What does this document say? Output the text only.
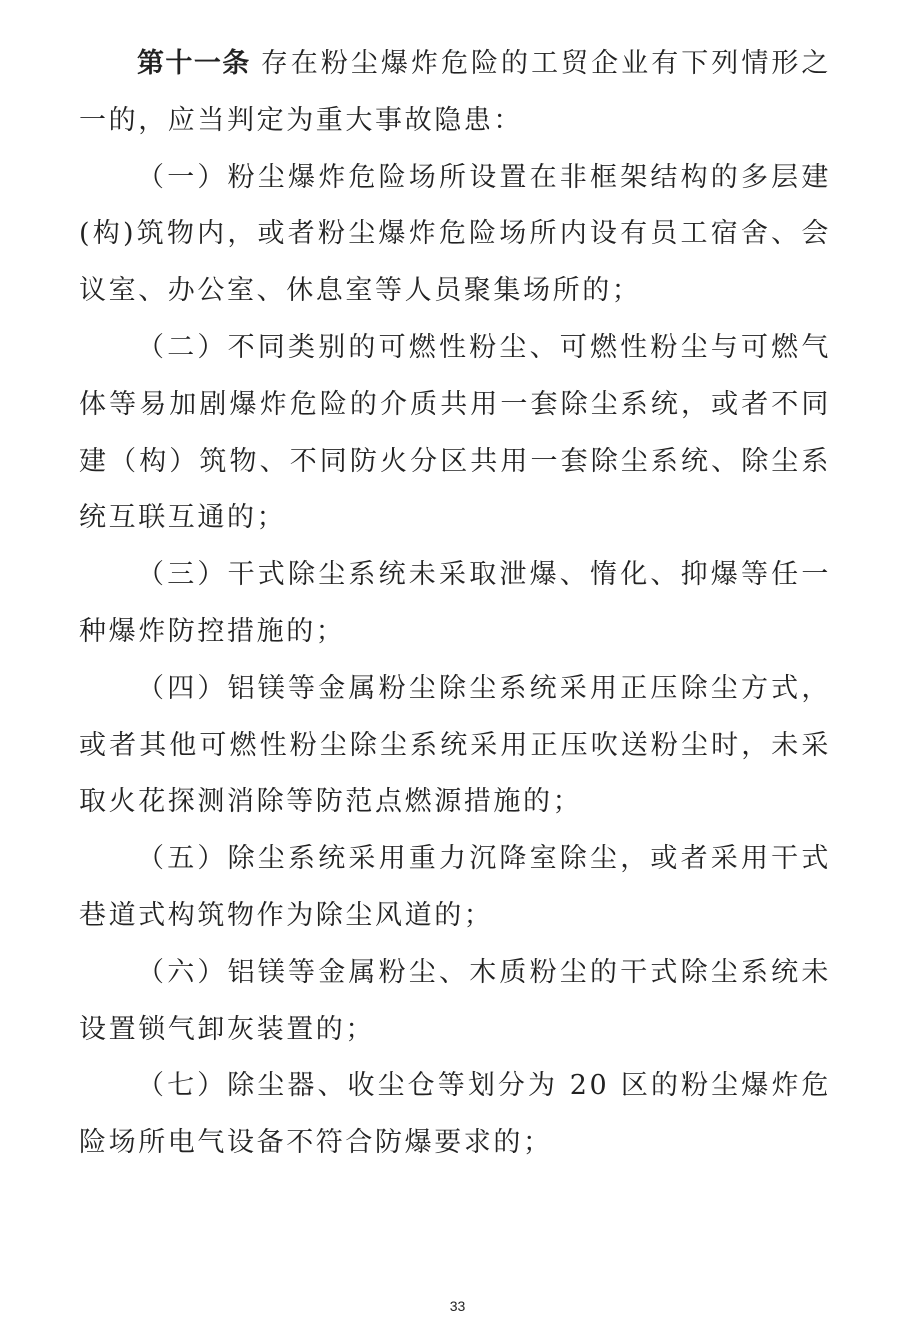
第十一条 存在粉尘爆炸危险的工贸企业有下列情形之一的，应当判定为重大事故隐患：

（一）粉尘爆炸危险场所设置在非框架结构的多层建(构)筑物内，或者粉尘爆炸危险场所内设有员工宿舍、会议室、办公室、休息室等人员聚集场所的；

（二）不同类别的可燃性粉尘、可燃性粉尘与可燃气体等易加剧爆炸危险的介质共用一套除尘系统，或者不同建（构）筑物、不同防火分区共用一套除尘系统、除尘系统互联互通的；

（三）干式除尘系统未采取泄爆、惰化、抑爆等任一种爆炸防控措施的；

（四）铝镁等金属粉尘除尘系统采用正压除尘方式，或者其他可燃性粉尘除尘系统采用正压吹送粉尘时，未采取火花探测消除等防范点燃源措施的；

（五）除尘系统采用重力沉降室除尘，或者采用干式巷道式构筑物作为除尘风道的；

（六）铝镁等金属粉尘、木质粉尘的干式除尘系统未设置锁气卸灰装置的；

（七）除尘器、收尘仓等划分为 20 区的粉尘爆炸危险场所电气设备不符合防爆要求的；

33
